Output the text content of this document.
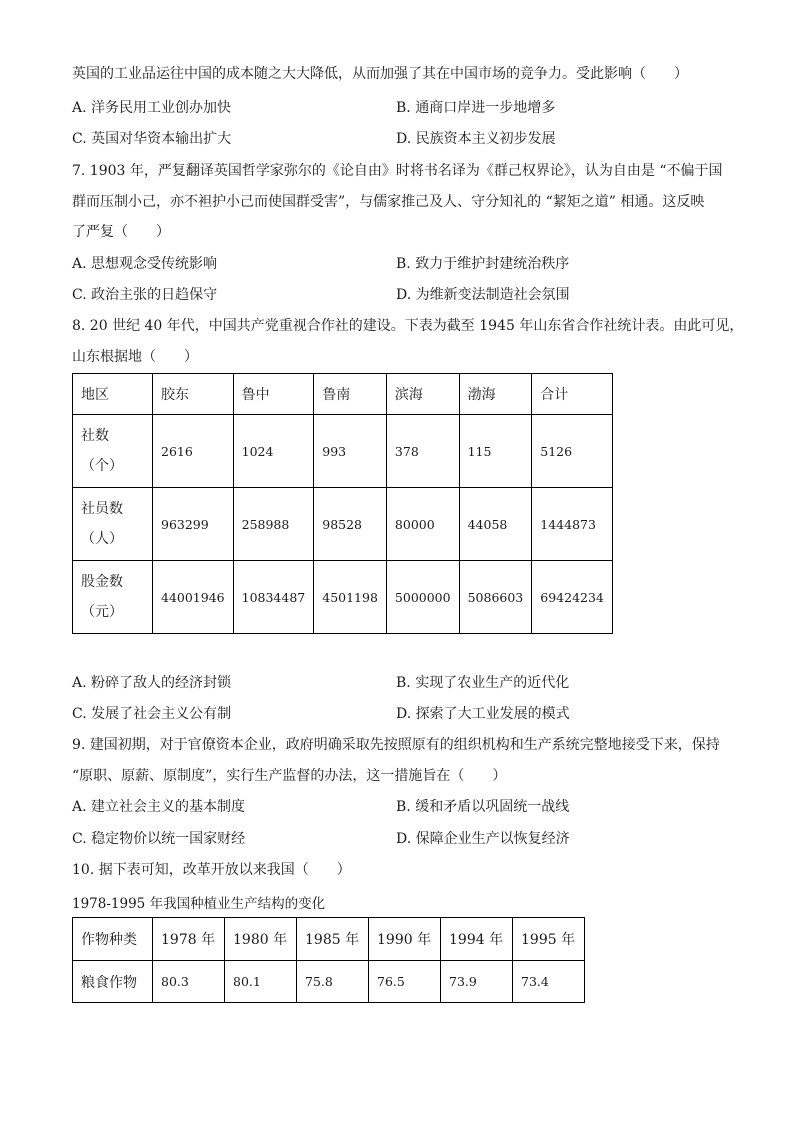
英国的工业品运往中国的成本随之大大降低，从而加强了其在中国市场的竞争力。受此影响（　　）
A. 洋务民用工业创办加快	B. 通商口岸进一步地增多
C. 英国对华资本输出扩大	D. 民族资本主义初步发展
7. 1903 年，严复翻译英国哲学家弥尔的《论自由》时将书名译为《群己权界论》，认为自由是 “不偏于国
群而压制小己，亦不袒护小己而使国群受害”，与儒家推己及人、守分知礼的 “絜矩之道” 相通。这反映
了严复（　　）
A. 思想观念受传统影响	B. 致力于维护封建统治秩序
C. 政治主张的日趋保守	D. 为维新变法制造社会氛围
8. 20 世纪 40 年代，中国共产党重视合作社的建设。下表为截至 1945 年山东省合作社统计表。由此可见，
山东根据地（　　）
地区	胶东	鲁中	鲁南	滨海	渤海	合计

社数
（个）	2616	1024	993	378	115	5126

社员数
（人）	963299	258988	98528	80000	44058	1444873

股金数
（元）	44001946	10834487	4501198	5000000	5086603	69424234
A. 粉碎了敌人的经济封锁	B. 实现了农业生产的近代化
C. 发展了社会主义公有制	D. 探索了大工业发展的模式
9. 建国初期，对于官僚资本企业，政府明确采取先按照原有的组织机构和生产系统完整地接受下来，保持
“原职、原薪、原制度”，实行生产监督的办法，这一措施旨在（　　）
A. 建立社会主义的基本制度	B. 缓和矛盾以巩固统一战线
C. 稳定物价以统一国家财经	D. 保障企业生产以恢复经济
10. 据下表可知，改革开放以来我国（　　）
1978-1995 年我国种植业生产结构的变化
作物种类	1978 年	1980 年	1985 年	1990 年	1994 年	1995 年
粮食作物	80.3	80.1	75.8	76.5	73.9	73.4
